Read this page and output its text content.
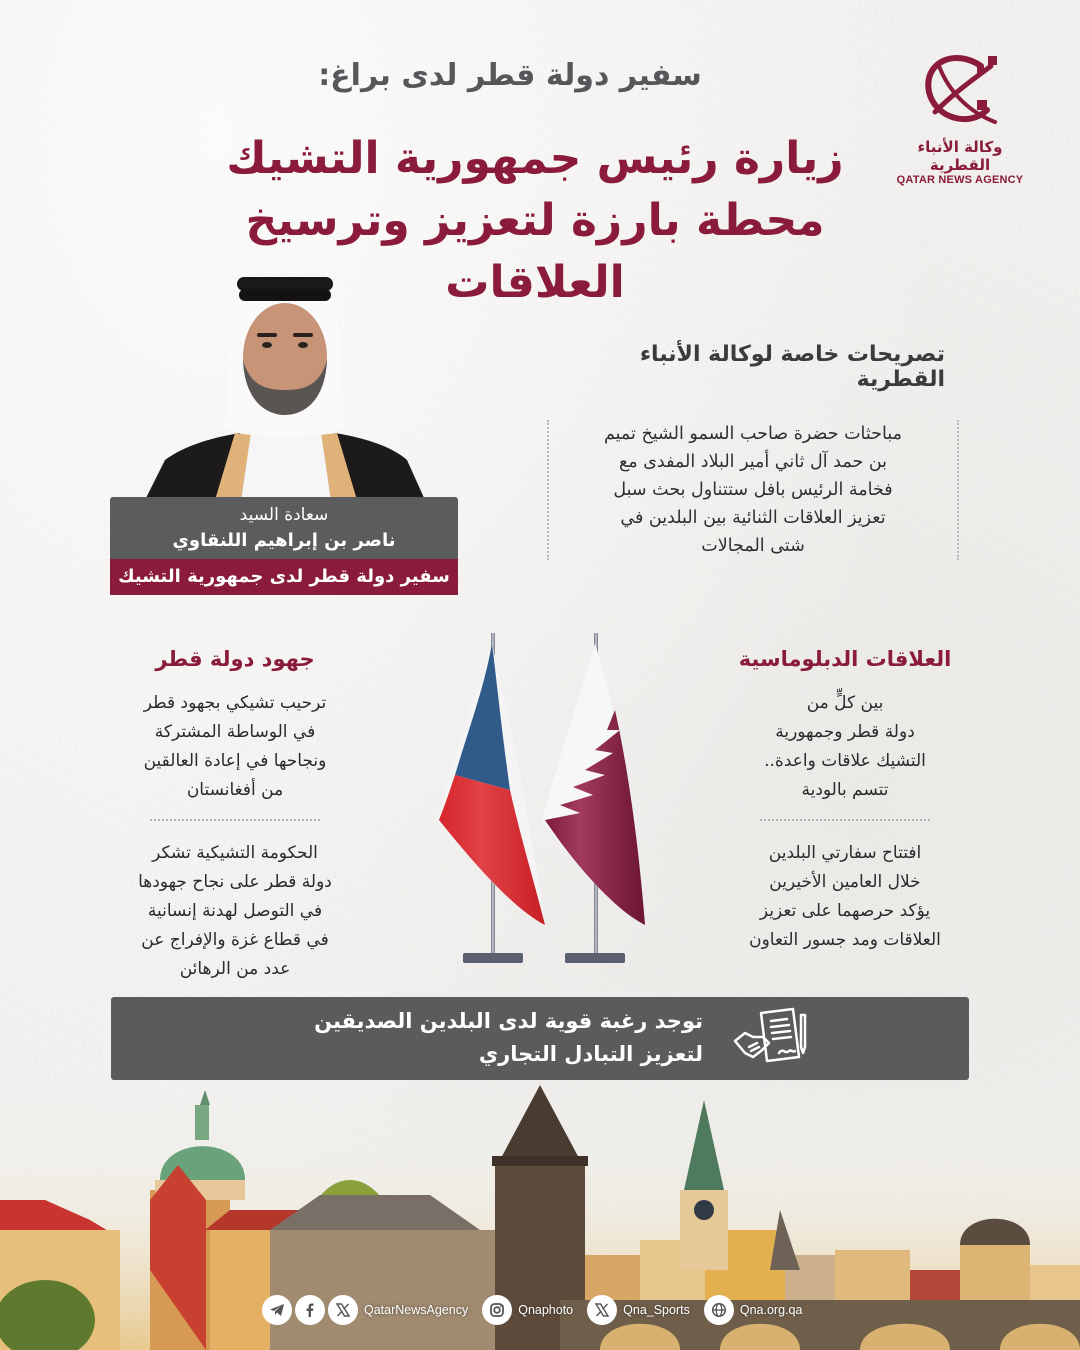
وكالة الأنباء القطرية
QATAR NEWS AGENCY
سفير دولة قطر لدى براغ:
زيارة رئيس جمهورية التشيك
محطة بارزة لتعزيز وترسيخ العلاقات
سعادة السيد
ناصر بن إبراهيم اللنقاوي
سفير دولة قطر لدى جمهورية التشيك
تصريحات خاصة لوكالة الأنباء القطرية
مباحثات حضرة صاحب السمو الشيخ تميم
بن حمد آل ثاني أمير البلاد المفدى مع
فخامة الرئيس بافل ستتناول بحث سبل
تعزيز العلاقات الثنائية بين البلدين في
شتى المجالات
جهود دولة قطر

ترحيب تشيكي بجهود قطر
في الوساطة المشتركة
ونجاحها في إعادة العالقين
من أفغانستان

الحكومة التشيكية تشكر
دولة قطر على نجاح جهودها
في التوصل لهدنة إنسانية
في قطاع غزة والإفراج عن
عدد من الرهائن

العلاقات الدبلوماسية

بين كلٍّ من
دولة قطر وجمهورية
التشيك علاقات واعدة..
تتسم بالودية

افتتاح سفارتي البلدين
خلال العامين الأخيرين
يؤكد حرصهما على تعزيز
العلاقات ومد جسور التعاون

توجد رغبة قوية لدى البلدين الصديقين
لتعزيز التبادل التجاري
QatarNewsAgency	Qnaphoto	Qna_Sports	Qna.org.qa
